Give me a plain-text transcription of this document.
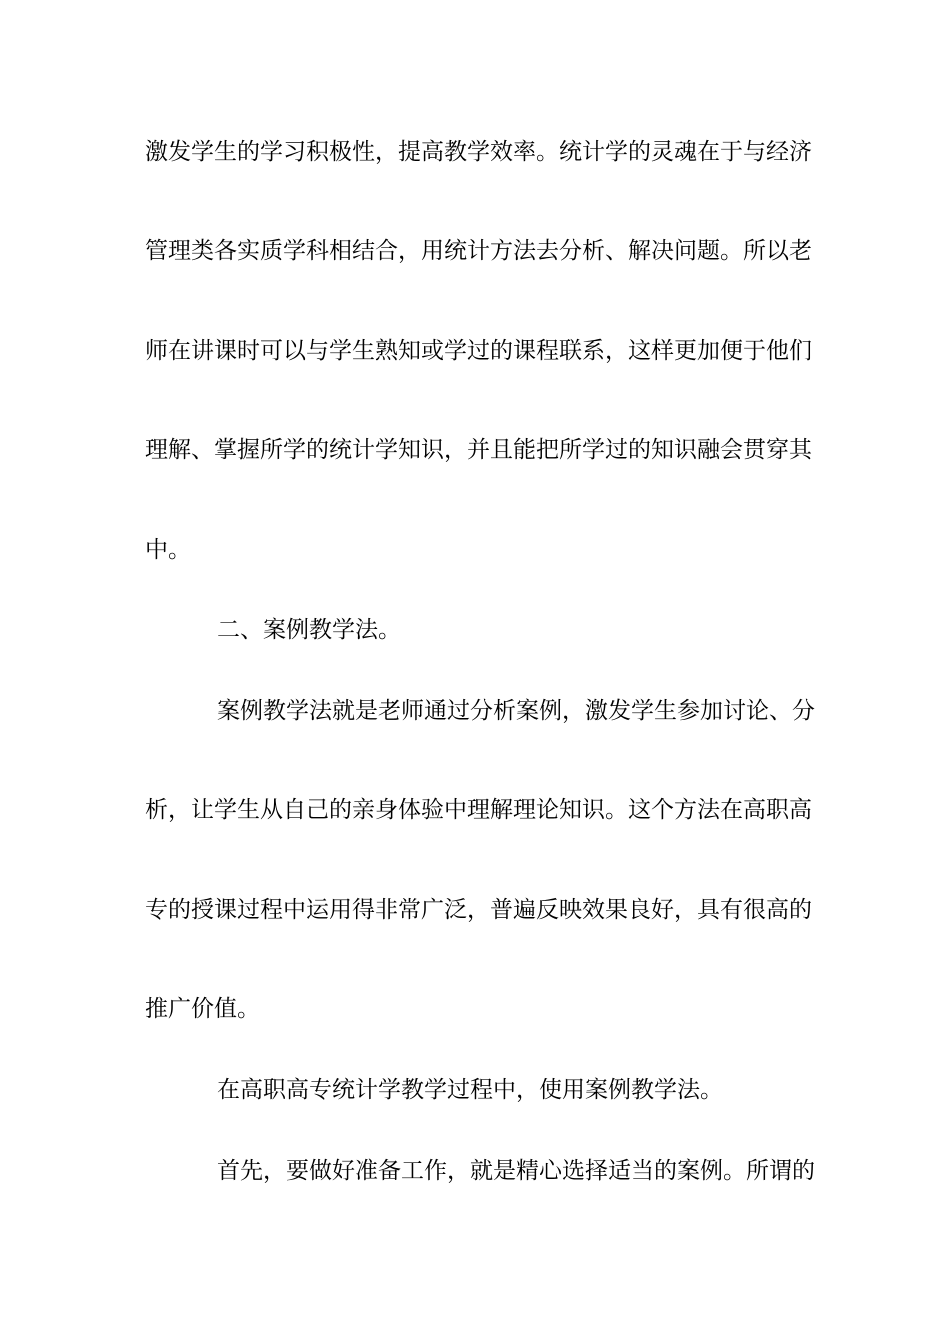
激发学生的学习积极性，提高教学效率。统计学的灵魂在于与经济
管理类各实质学科相结合，用统计方法去分析、解决问题。所以老
师在讲课时可以与学生熟知或学过的课程联系，这样更加便于他们
理解、掌握所学的统计学知识，并且能把所学过的知识融会贯穿其
中。
二、案例教学法。
案例教学法就是老师通过分析案例，激发学生参加讨论、分
析，让学生从自己的亲身体验中理解理论知识。这个方法在高职高
专的授课过程中运用得非常广泛，普遍反映效果良好，具有很高的
推广价值。
在高职高专统计学教学过程中，使用案例教学法。
首先，要做好准备工作，就是精心选择适当的案例。所谓的
